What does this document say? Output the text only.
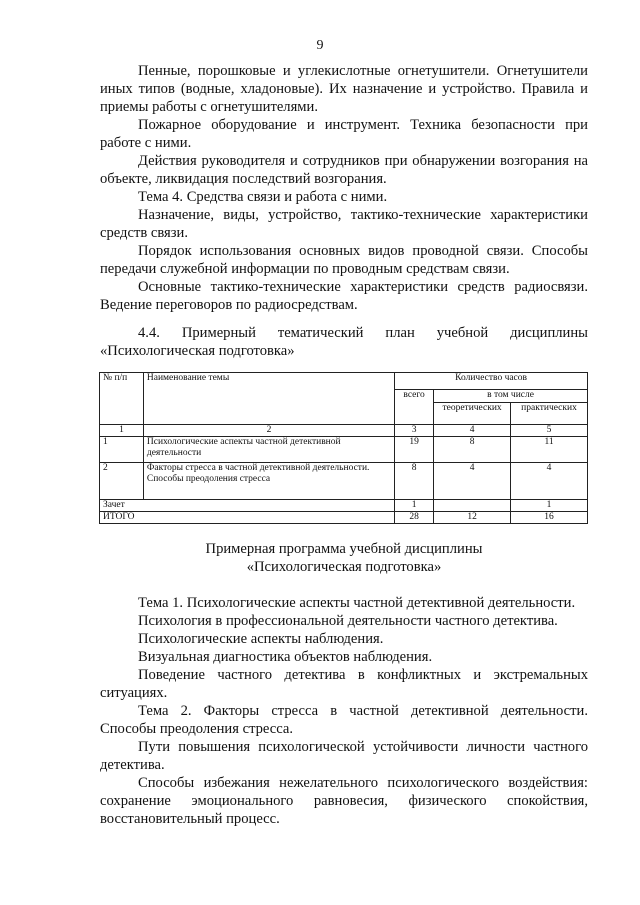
9

Пенные, порошковые и углекислотные огнетушители. Огнетушители иных типов (водные, хладоновые). Их назначение и устройство. Правила и приемы работы с огнетушителями.

Пожарное оборудование и инструмент. Техника безопасности при работе с ними.

Действия руководителя и сотрудников при обнаружении возгорания на объекте, ликвидация последствий возгорания.

Тема 4. Средства связи и работа с ними.

Назначение, виды, устройство, тактико-технические характеристики средств связи.

Порядок использования основных видов проводной связи. Способы передачи служебной информации по проводным средствам связи.

Основные тактико-технические характеристики средств радиосвязи. Ведение переговоров по радиосредствам.

4.4. Примерный тематический план учебной дисциплины
«Психологическая подготовка»
№ п/п	Наименование темы	Количество часов		
		всего	в том числе	
			теоретических	практических
1	2	3	4	5
1	Психологические аспекты частной детективной деятельности	19	8	11
2	Факторы стресса в частной детективной деятельности.
Способы преодоления стресса	8	4	4
Зачет		1		1
ИТОГО		28	12	16
Примерная программа учебной дисциплины
«Психологическая подготовка»

Тема 1. Психологические аспекты частной детективной деятельности.

Психология в профессиональной деятельности частного детектива.

Психологические аспекты наблюдения.

Визуальная диагностика объектов наблюдения.

Поведение частного детектива в конфликтных и экстремальных ситуациях.

Тема 2. Факторы стресса в частной детективной деятельности. Способы преодоления стресса.

Пути повышения психологической устойчивости личности частного детектива.

Способы избежания нежелательного психологического воздействия: сохранение эмоционального равновесия, физического спокойствия, восстановительный процесс.
